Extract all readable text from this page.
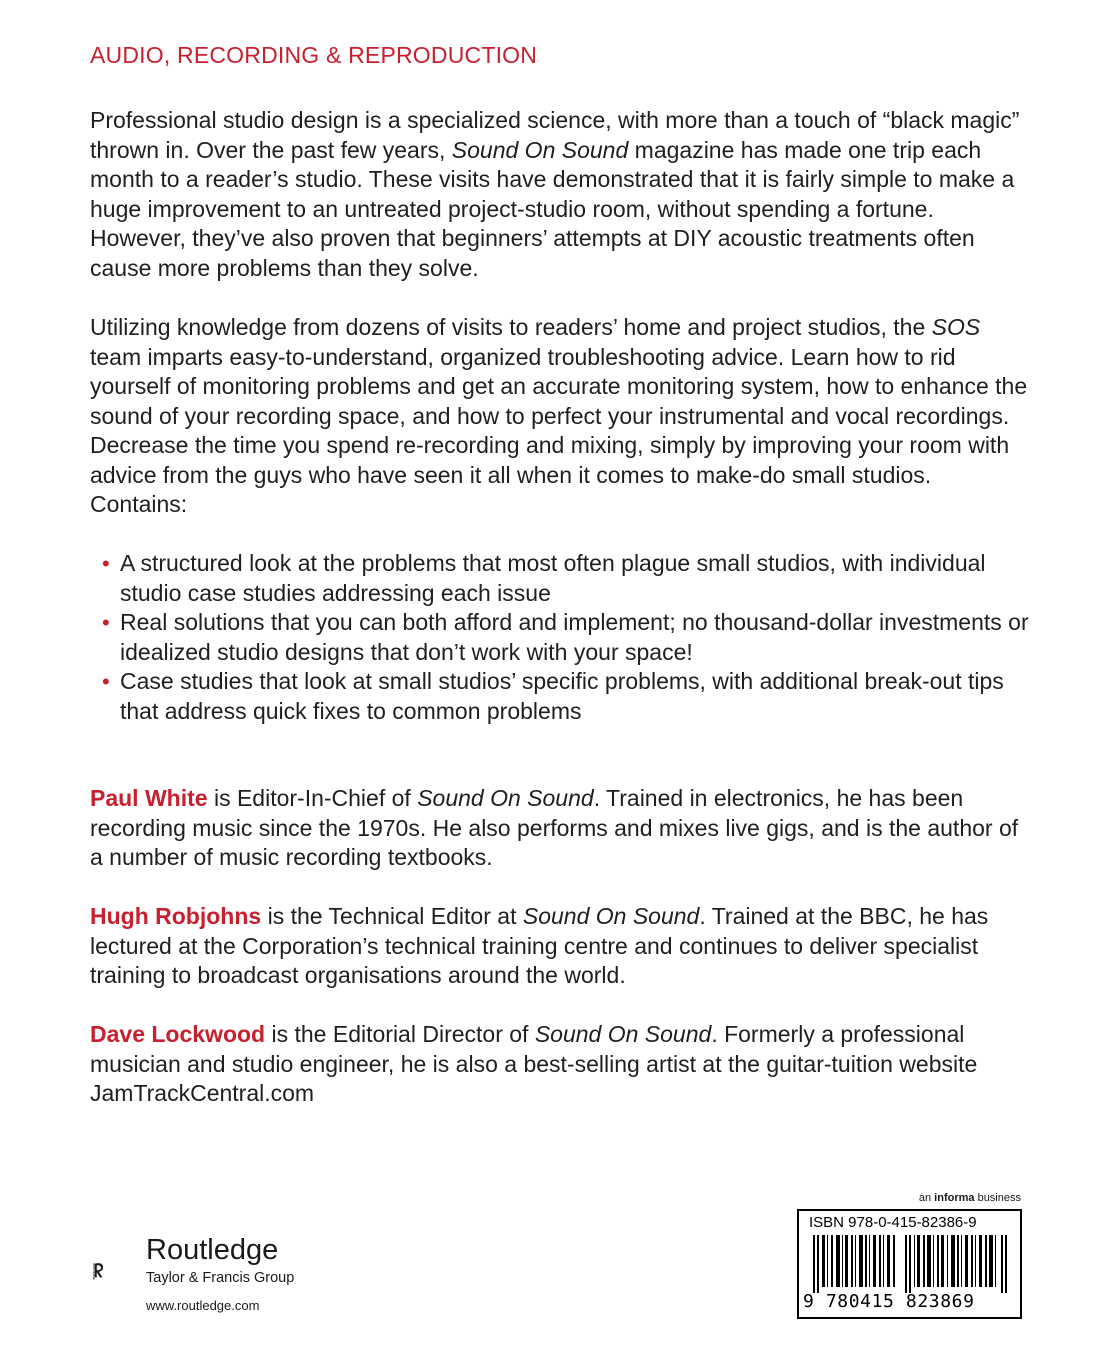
AUDIO, RECORDING & REPRODUCTION

Professional studio design is a specialized science, with more than a touch of “black magic” thrown in. Over the past few years, Sound On Sound magazine has made one trip each month to a reader’s studio. These visits have demonstrated that it is fairly simple to make a huge improvement to an untreated project-studio room, without spending a fortune. However, they’ve also proven that beginners’ attempts at DIY acoustic treatments often cause more problems than they solve.

Utilizing knowledge from dozens of visits to readers’ home and project studios, the SOS team imparts easy-to-understand, organized troubleshooting advice. Learn how to rid yourself of monitoring problems and get an accurate monitoring system, how to enhance the sound of your recording space, and how to perfect your instrumental and vocal recordings. Decrease the time you spend re-recording and mixing, simply by improving your room with advice from the guys who have seen it all when it comes to make-do small studios. Contains:

• A structured look at the problems that most often plague small studios, with individual studio case studies addressing each issue
• Real solutions that you can both afford and implement; no thousand-dollar investments or idealized studio designs that don’t work with your space!
• Case studies that look at small studios’ specific problems, with additional break-out tips that address quick fixes to common problems

Paul White is Editor-In-Chief of Sound On Sound. Trained in electronics, he has been recording music since the 1970s. He also performs and mixes live gigs, and is the author of a number of music recording textbooks.

Hugh Robjohns is the Technical Editor at Sound On Sound. Trained at the BBC, he has lectured at the Corporation’s technical training centre and continues to deliver specialist training to broadcast organisations around the world.

Dave Lockwood is the Editorial Director of Sound On Sound. Formerly a professional musician and studio engineer, he is also a best-selling artist at the guitar-tuition website JamTrackCentral.com

ROUTLEDGE
Routledge
Taylor & Francis Group
www.routledge.com
an informa business
ISBN 978-0-415-82386-9
9 780415 823869
